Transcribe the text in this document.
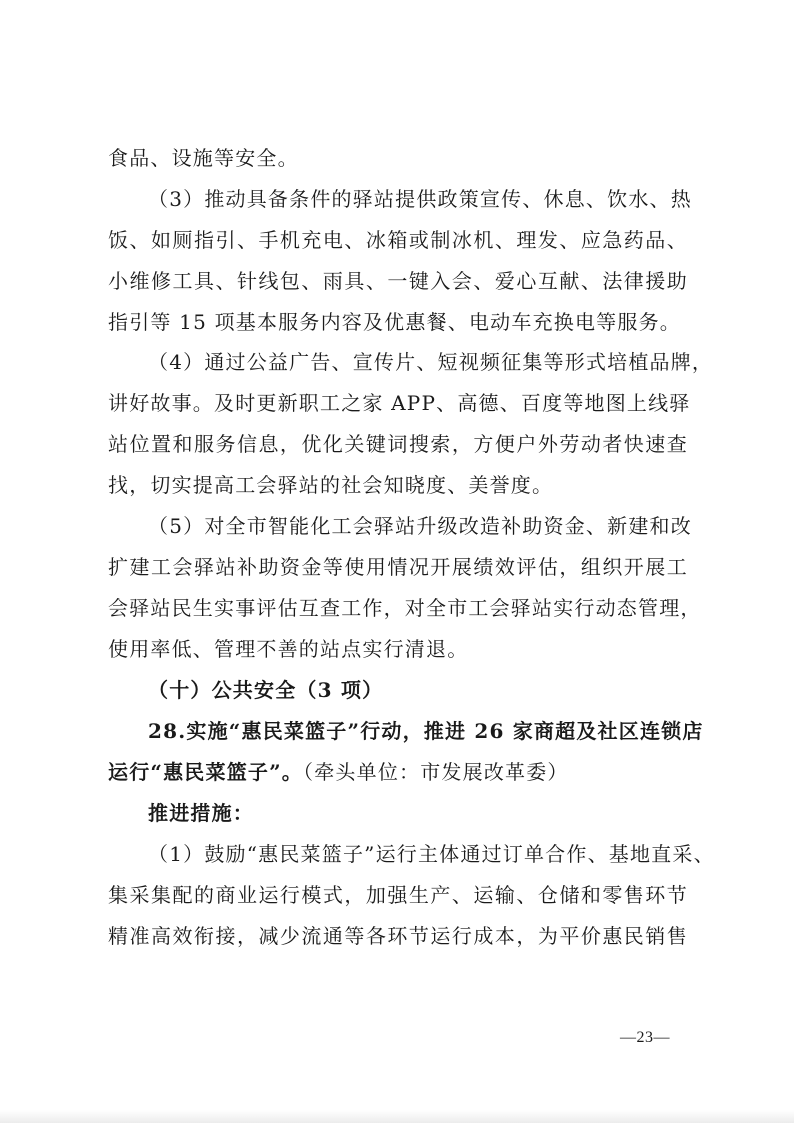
食品、设施等安全。
（3）推动具备条件的驿站提供政策宣传、休息、饮水、热
饭、如厕指引、手机充电、冰箱或制冰机、理发、应急药品、
小维修工具、针线包、雨具、一键入会、爱心互献、法律援助
指引等 15 项基本服务内容及优惠餐、电动车充换电等服务。
（4）通过公益广告、宣传片、短视频征集等形式培植品牌，
讲好故事。及时更新职工之家 APP、高德、百度等地图上线驿
站位置和服务信息，优化关键词搜索，方便户外劳动者快速查
找，切实提高工会驿站的社会知晓度、美誉度。
（5）对全市智能化工会驿站升级改造补助资金、新建和改
扩建工会驿站补助资金等使用情况开展绩效评估，组织开展工
会驿站民生实事评估互查工作，对全市工会驿站实行动态管理，
使用率低、管理不善的站点实行清退。
（十）公共安全（3 项）
28.实施“惠民菜篮子”行动，推进 26 家商超及社区连锁店
运行“惠民菜篮子”。（牵头单位：市发展改革委）
推进措施：
（1）鼓励“惠民菜篮子”运行主体通过订单合作、基地直采、
集采集配的商业运行模式，加强生产、运输、仓储和零售环节
精准高效衔接，减少流通等各环节运行成本，为平价惠民销售
—23—
